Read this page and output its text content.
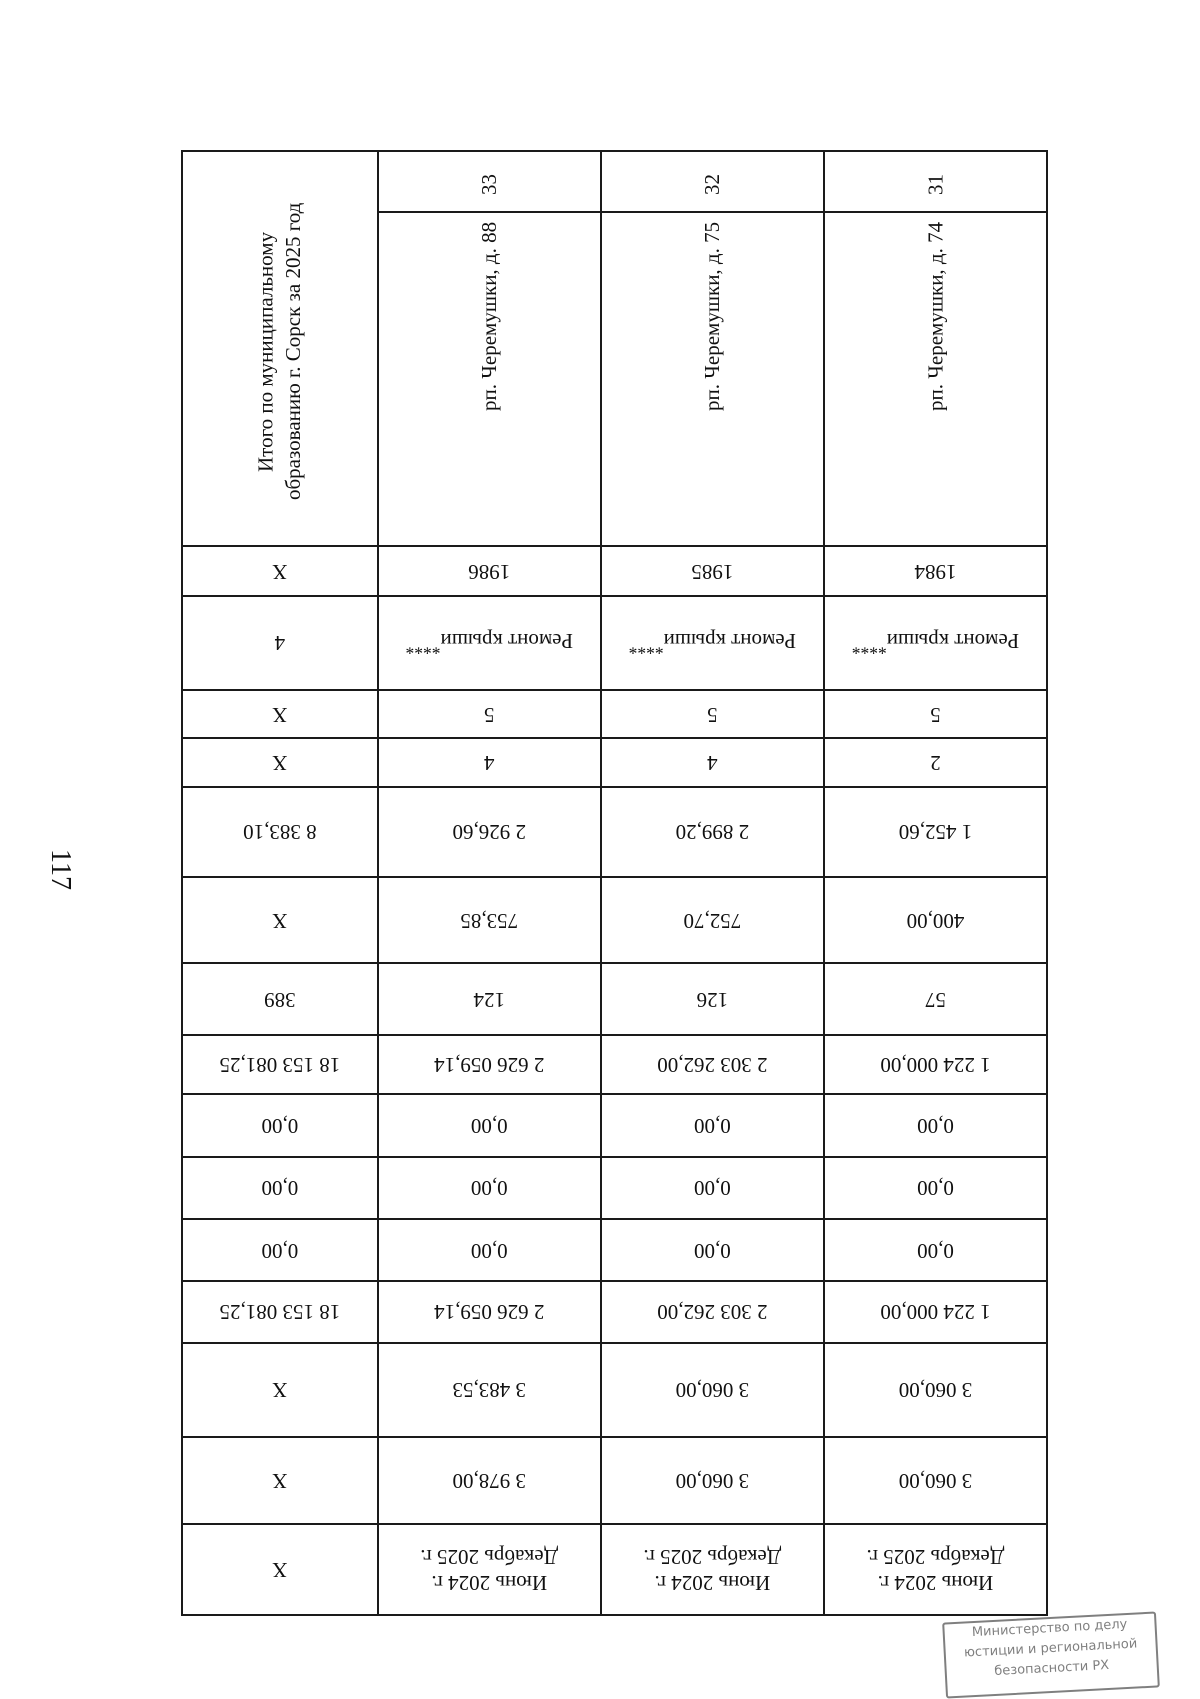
117
Июнь 2024 г. Декабрь 2025 г.	Июнь 2024 г. Декабрь 2025 г.	Июнь 2024 г. Декабрь 2025 г.	X
3 060,00	3 060,00	3 978,00	X
3 060,00	3 060,00	3 483,53	X
1 224 000,00	2 303 262,00	2 626 059,14	18 153 081,25
0,00	0,00	0,00	0,00
0,00	0,00	0,00	0,00
0,00	0,00	0,00	0,00
1 224 000,00	2 303 262,00	2 626 059,14	18 153 081,25
57	126	124	389
400,00	752,70	753,85	X
1 452,60	2 899,20	2 926,60	8 383,10
2	4	4	X
5	5	5	X
Ремонт крыши****	Ремонт крыши****	Ремонт крыши****	4
1984	1985	1986	X

рп. Черемушки, д. 74	рп. Черемушки, д. 75	рп. Черемушки, д. 88	Итого по муниципальному образованию г. Сорск за 2025 год
31	32	33	
Министерство по делу
юстиции и региональной
безопасности РХ
